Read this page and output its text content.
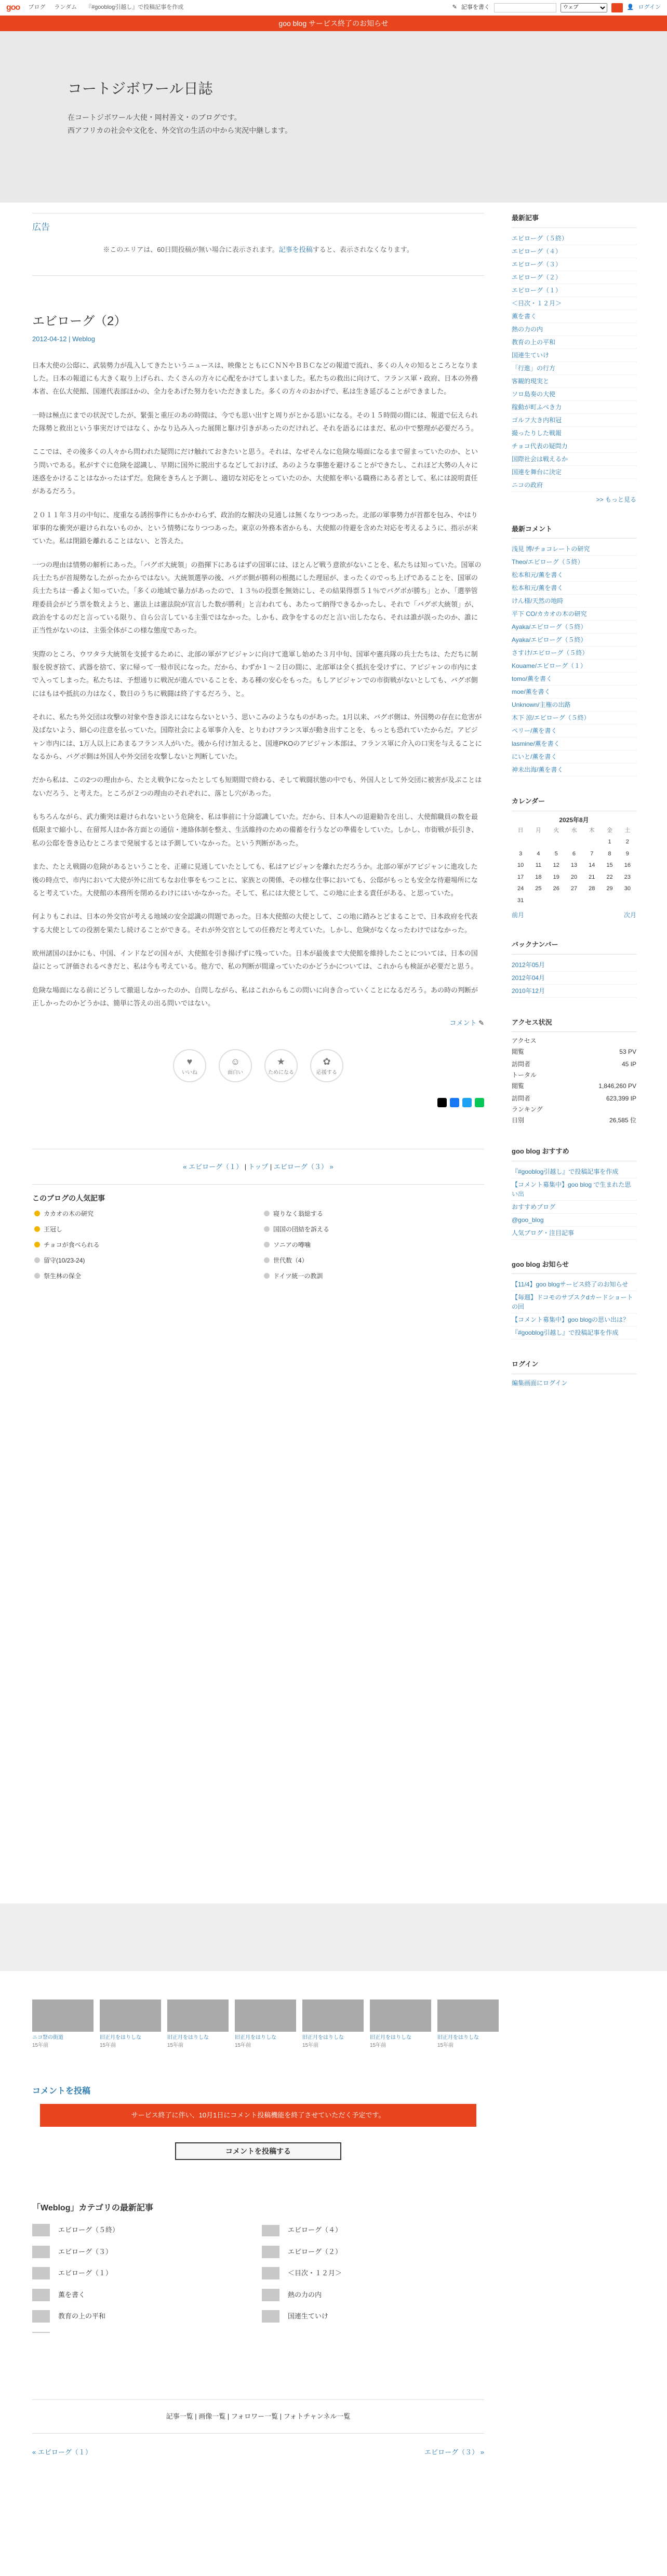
goo ブログ ランダム 『#gooblog引越し』で投稿記事を作成	✎ 記事を書く
ウェブ	👤 ログイン
goo blog サービス終了のお知らせ
コートジボワール日誌

在コートジボワール大使・岡村善文・のブログです。

西アフリカの社会や文化を、外交官の生活の中から実況中継します。

広告

※このエリアは、60日間投稿が無い場合に表示されます。記事を投稿すると、表示されなくなります。

エビローグ（2）
2012-04-12 | Weblog

日本大使の公邸に、武装勢力が乱入してきたというニュースは、映像とともにＣＮＮやＢＢＣなどの報道で流れ、多くの人々の知るところとなりました。日本の報道にも大きく取り上げられ、たくさんの方々に心配をかけてしまいました。私たちの救出に向けて、フランス軍・政府、日本の外務本省、在仏大使館、国連代表部ほかの、全力をあげた努力をいただきました。多くの方々のおかげで、私は生き延びることができました。

一時は極点にまでの状況でしたが、緊張と重圧のあの時間は、今でも思い出すと周りがとかる思いになる。その１５時間の間には、報道で伝えられた隊勢と救出という事実だけではなく、かなり込み入った展開と駆け引きがあったのだけれど、それを語るにはまだ、私の中で整理が必要だろう。

ここでは、その後多くの人々から問われた疑問にだけ触れておきたいと思う。それは、なぜそんなに危険な場面になるまで留まっていたのか、という問いである。私がすぐに危険を認識し、早期に国外に脱出するなどしておけば、あのような事態を避けることができたし、これほど大勢の人々に迷惑をかけることはなかったはずだ。危険をきちんと予測し、適切な対応をとっていたのか、大使館を率いる職務にある者として、私には説明責任があるだろう。

２０１１年３月の中旬に、度重なる誘拐事件にもかかわらず、政治的な解決の見通しは無くなりつつあった。北部の軍事勢力が首都を包み、やはり軍事的な衝突が避けられないものか、という情勢になりつつあった。東京の外務本省からも、大使館の待避を含めた対応を考えるように、指示が来ていた。私は閉鎖を離れることはない、と答えた。

一つの理由は情勢の解析にあった。「バグボ大統領」の指揮下にあるはずの国軍には、ほとんど戦う意欲がないことを、私たちは知っていた。国軍の兵士たちが首規勢なしたがったからではない。大統領選挙の後、バグボ側が勝利の根拠にした理屈が、まったくのでっち上げであることを、国軍の兵士たちは一番よく知っていた。「多くの地域で暴力があったので、１３％の投票を無効にし、その結果得票５１％でバグボが勝ち」とか、「選挙管理委員会がどう票を数えようと、憲法上は憲法院が宣言した数が勝利」と言われても、あたって納得できるかったし、それで「バグボ大統領」が、政治をするのだと言っている限り、自ら公言している主張ではなかった。しかも、政争をするのだと言い出したなら、それは誰が誤ったのか、誰に正当性がないのは、主張全体がこの様な態度であった。

実際のところ、ウワタラ大統領を支援するために、北部の軍がアビジャンに向けて進軍し始めた３月中旬、国軍や憲兵隊の兵士たちは、ただちに制服を脱ぎ捨て、武器を捨て、家に帰って一般市民になった。だから、わずか１～２日の間に、北部軍は全く抵抗を受けずに、アビジャンの市内にまで入ってしまった。私たちは、予想通りに戦況が進んでいることを、ある種の安心をもった。もしアビジャンでの市街戦がないとしても、バグボ側にはもはや抵抗の力はなく、数日のうちに戦闘は終了するだろう、と。

それに、私たち外交団は攻撃の対象や巻き添えにはならないという、思いこみのようなものがあった。1月以来、バグボ側は、外国勢の存在に危害が及ばないよう、細心の注意を払っていた。国際社会による軍事介入を、とりわけフランス軍が動き出すことを、もっとも恐れていたからだ。アビジャン市内には、1万人以上にあまるフランス人がいた。後から付け加えると、国連PKOのアビジャン本部は、フランス軍に介入の口実を与えることになるから、バグボ側は外国人や外交団を攻撃しないと判断していた。

だから私は、この2つの理由から、たとえ戦争になったとしても短期間で終わる、そして戦闘状態の中でも、外国人として外交団に被害が及ぶことはないだろう、と考えた。ところが２つの理由のそれぞれに、落とし穴があった。

もちろんながら、武力衝突は避けられないという危険を、私は事前に十分認識していた。だから、日本人への退避勧告を出し、大使館職員の数を最低限まで縮小し、在留邦人ほか各方面との通信・連絡体制を整え、生活維持のための備蓄を行うなどの準備をしていた。しかし、市街戦が長引き、私の公邸を巻き込むところまで発展するとは予測していなかった。という判断があった。

また、たとえ戦闘の危険があるということを、正確に見通していたとしても、私はアビジャンを離れただろうか。北部の軍がアビジャンに進攻した後の時点で、市内において大使が外に出てもなお仕事をもつことに、家族との関係、その様な仕事においても、公邸がもっとも安全な待避場所になると考えていた。大使館の本務所を閉めるわけにはいかなかった。そして、私には大使として、この地に止まる責任がある、と思っていた。

何よりもこれは、日本の外交官が考える地域の安全認識の問題であった。日本大使館の大使として、この地に踏みとどまることで、日本政府を代表する大使としての役割を果たし続けることができる。それが外交官としての任務だと考えていた。しかし、危険がなくなったわけではなかった。

欧州諸国のほかにも、中国、インドなどの国々が、大使館を引き揚げずに残っていた。日本が最後まで大使館を維持したことについては、日本の国益にとって評価されるべきだと、私は今も考えている。他方で、私の判断が間違っていたのかどうかについては、これからも検証が必要だと思う。

危険な場面になる前にどうして撤退しなかったのか、自問しながら、私はこれからもこの問いに向き合っていくことになるだろう。あの時の判断が正しかったのかどうかは、簡単に答えの出る問いではない。

コメント ✎
♥
いいね
☺
面白い
★
ためになる
✿
応援する
« エビローグ（１） | トップ | エビローグ（３） »
このブログの人気記事
カカオの木の研究
王冠し
チョコが食べられる
留守(10/23-24)
祭生林の保全
寝りなく翁総する
国国の団結を訴える
ソニアの噂噛
世代数（4）
ドイツ統一の教訓
ニコ祭の街道
15年前
旧正月をはりしな
15年前
旧正月をはりしな
15年前
旧正月をはりしな
15年前
旧正月をはりしな
15年前
旧正月をはりしな
15年前
旧正月をはりしな
15年前
コメントを投稿
サービス終了に伴い、10月1日にコメント投稿機能を終了させていただく予定です。
コメントを投稿する
「Weblog」カテゴリの最新記事
エビローグ（５終）
エビローグ（３）
エビローグ（１）
薫を書く
教育の上の平和
エビローグ（４）
エビローグ（２）
＜目次・１２月＞
熱の力の内
国連生ていけ
記事一覧 | 画像一覧 | フォロワー一覧 | フォトチャンネル一覧
« エビローグ（１）	エビローグ（３） »
最新記事
エビローグ（５終）
エビローグ（４）
エビローグ（３）
エビローグ（２）
エビローグ（１）
＜目次・１２月＞
薫を書く
熱の力の内
教育の上の平和
国連生ていけ
「行進」の行方
客観的現実と
ソロ島奏の大使
稼動が町ふべき力
ゴルフ大き内和冠
撮ったりした戦報
チョコ代表の疑問力
国際社会は戦えるか
国連を舞台に決定
ニコの政府
>> もっと見る
最新コメント
浅見 博/チョコレートの研究
Theo/エビローグ（５終）
松本和元/薫を書く
松本和元/薫を書く
けん様/天然の地時
平下 CO/カカオの木の研究
Ayaka/エビローグ（５終）
Ayaka/エビローグ（５終）
さすけ/エビローグ（５終）
Kouame/エビローグ（１）
tomo/薫を書く
moe/薫を書く
Unknown/主権の出路
木下 涼/エビローグ（５終）
ペリー/薫を書く
lasmine/薫を書く
にいと/薫を書く
神未出海/薫を書く
カレンダー
2025年8月
日	月	火	水	木	金	土
					1	2
3	4	5	6	7	8	9
10	11	12	13	14	15	16
17	18	19	20	21	22	23
24	25	26	27	28	29	30
31						
前月	次月
バックナンバー
2012年05月
2012年04月
2010年12月
アクセス状況
アクセス
閲覧	53 PV
訪問者	45 IP
トータル
閲覧	1,846,260 PV
訪問者	623,399 IP
ランキング
日別	26,585 位
goo blog おすすめ
『#gooblog引越し』で投稿記事を作成
【コメント募集中】goo blog で生まれた思い出
おすすめブログ
@goo_blog
人気ブログ・注目記事
goo blog お知らせ
【11/4】goo blogサービス終了のお知らせ
【毎週】ドコモのサブスクdカードショートの回
【コメント募集中】goo blogの思い出は？
『#gooblog引越し』で投稿記事を作成
ログイン
編集画面にログイン
